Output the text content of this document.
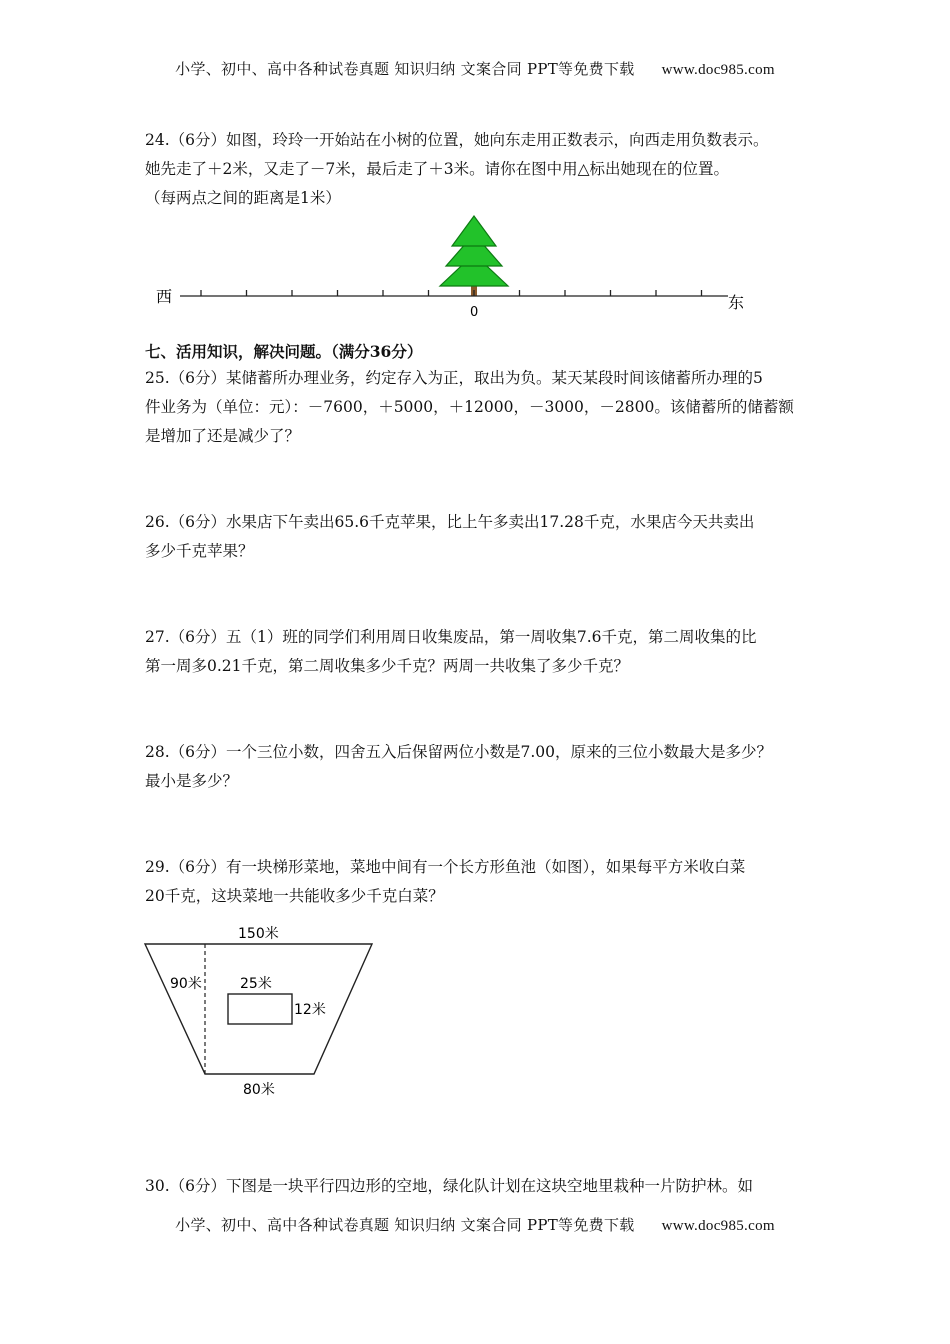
小学、初中、高中各种试卷真题 知识归纳 文案合同 PPT等免费下载 www.doc985.com

24.（6分）如图，玲玲一开始站在小树的位置，她向东走用正数表示，向西走用负数表示。
她先走了＋2米，又走了－7米，最后走了＋3米。请你在图中用△标出她现在的位置。
（每两点之间的距离是1米）

西	东
0
七、活用知识，解决问题。（满分36分）

25.（6分）某储蓄所办理业务，约定存入为正，取出为负。某天某段时间该储蓄所办理的5
件业务为（单位：元）：－7600，＋5000，＋12000，－3000，－2800。该储蓄所的储蓄额
是增加了还是减少了？

26.（6分）水果店下午卖出65.6千克苹果，比上午多卖出17.28千克，水果店今天共卖出
多少千克苹果？

27.（6分）五（1）班的同学们利用周日收集废品，第一周收集7.6千克，第二周收集的比
第一周多0.21千克，第二周收集多少千克？两周一共收集了多少千克？

28.（6分）一个三位小数，四舍五入后保留两位小数是7.00，原来的三位小数最大是多少？
最小是多少？

29.（6分）有一块梯形菜地，菜地中间有一个长方形鱼池（如图），如果每平方米收白菜
20千克，这块菜地一共能收多少千克白菜？

150米
90米	25米
12米
80米

30.（6分）下图是一块平行四边形的空地，绿化队计划在这块空地里栽种一片防护林。如

小学、初中、高中各种试卷真题 知识归纳 文案合同 PPT等免费下载 www.doc985.com
